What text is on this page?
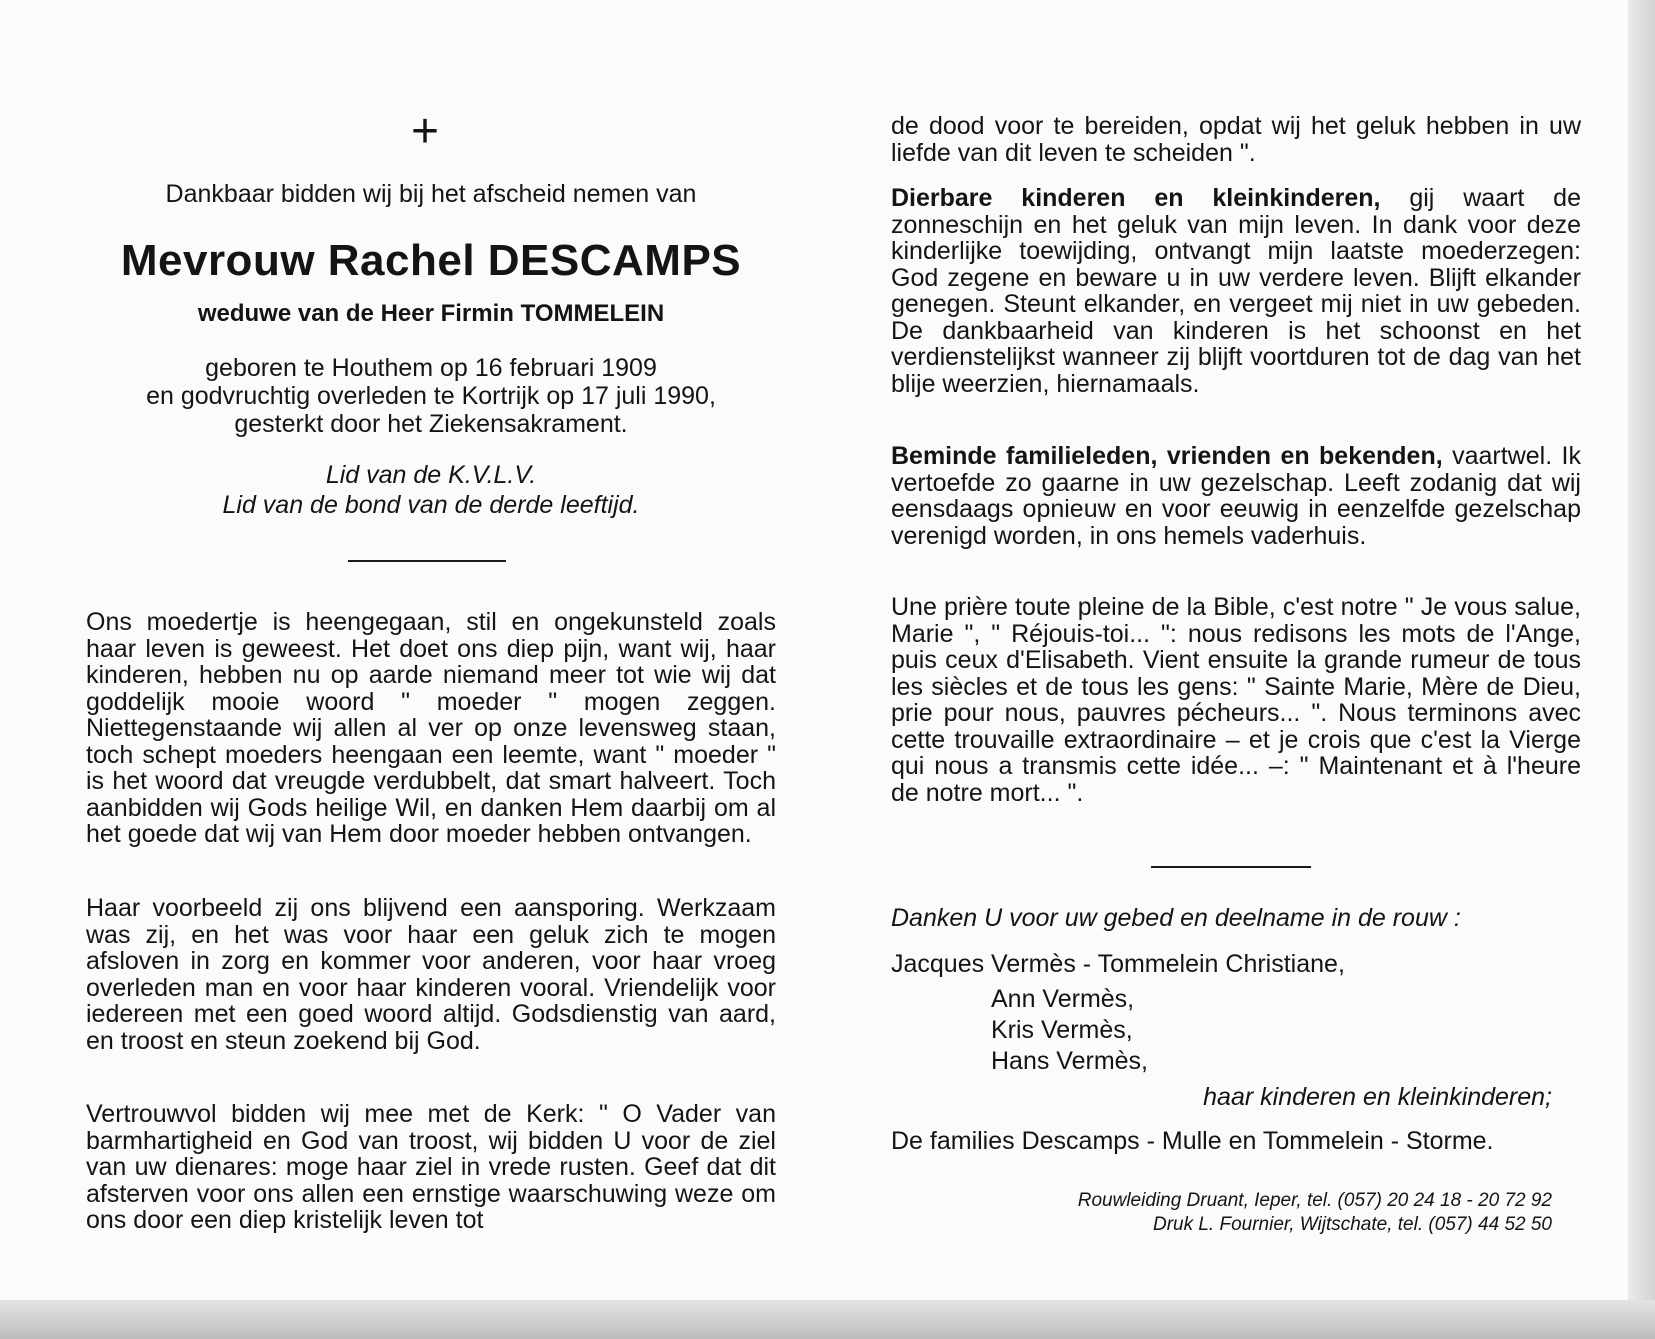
+
Dankbaar bidden wij bij het afscheid nemen van
Mevrouw Rachel DESCAMPS
weduwe van de Heer Firmin TOMMELEIN
geboren te Houthem op 16 februari 1909
en godvruchtig overleden te Kortrijk op 17 juli 1990,
gesterkt door het Ziekensakrament.
Lid van de K.V.L.V.
Lid van de bond van de derde leeftijd.

Ons moedertje is heengegaan, stil en ongekunsteld zoals haar leven is geweest. Het doet ons diep pijn, want wij, haar kinderen, hebben nu op aarde niemand meer tot wie wij dat goddelijk mooie woord " moeder " mogen zeggen. Niettegenstaande wij allen al ver op onze levensweg staan, toch schept moeders heengaan een leemte, want " moeder " is het woord dat vreugde verdubbelt, dat smart halveert. Toch aanbidden wij Gods heilige Wil, en danken Hem daarbij om al het goede dat wij van Hem door moeder hebben ontvangen.

Haar voorbeeld zij ons blijvend een aansporing. Werkzaam was zij, en het was voor haar een geluk zich te mogen afsloven in zorg en kommer voor anderen, voor haar vroeg overleden man en voor haar kinderen vooral. Vriendelijk voor iedereen met een goed woord altijd. Godsdienstig van aard, en troost en steun zoekend bij God.

Vertrouwvol bidden wij mee met de Kerk: " O Vader van barmhartigheid en God van troost, wij bidden U voor de ziel van uw dienares: moge haar ziel in vrede rusten. Geef dat dit afsterven voor ons allen een ernstige waarschuwing weze om ons door een diep kristelijk leven tot

de dood voor te bereiden, opdat wij het geluk hebben in uw liefde van dit leven te scheiden ".

Dierbare kinderen en kleinkinderen, gij waart de zonneschijn en het geluk van mijn leven. In dank voor deze kinderlijke toewijding, ontvangt mijn laatste moederzegen: God zegene en beware u in uw verdere leven. Blijft elkander genegen. Steunt elkander, en vergeet mij niet in uw gebeden. De dankbaarheid van kinderen is het schoonst en het verdienstelijkst wanneer zij blijft voortduren tot de dag van het blije weerzien, hiernamaals.

Beminde familieleden, vrienden en bekenden, vaartwel. Ik vertoefde zo gaarne in uw gezelschap. Leeft zodanig dat wij eensdaags opnieuw en voor eeuwig in eenzelfde gezelschap verenigd worden, in ons hemels vaderhuis.

Une prière toute pleine de la Bible, c'est notre " Je vous salue, Marie ", " Réjouis-toi... ": nous redisons les mots de l'Ange, puis ceux d'Elisabeth. Vient ensuite la grande rumeur de tous les siècles et de tous les gens: " Sainte Marie, Mère de Dieu, prie pour nous, pauvres pécheurs... ". Nous terminons avec cette trouvaille extraordinaire – et je crois que c'est la Vierge qui nous a transmis cette idée... –: " Maintenant et à l'heure de notre mort... ".

Danken U voor uw gebed en deelname in de rouw :
Jacques Vermès - Tommelein Christiane,
Ann Vermès,
Kris Vermès,
Hans Vermès,
haar kinderen en kleinkinderen;
De families Descamps - Mulle en Tommelein - Storme.
Rouwleiding Druant, Ieper, tel. (057) 20 24 18 - 20 72 92
Druk L. Fournier, Wijtschate, tel. (057) 44 52 50
